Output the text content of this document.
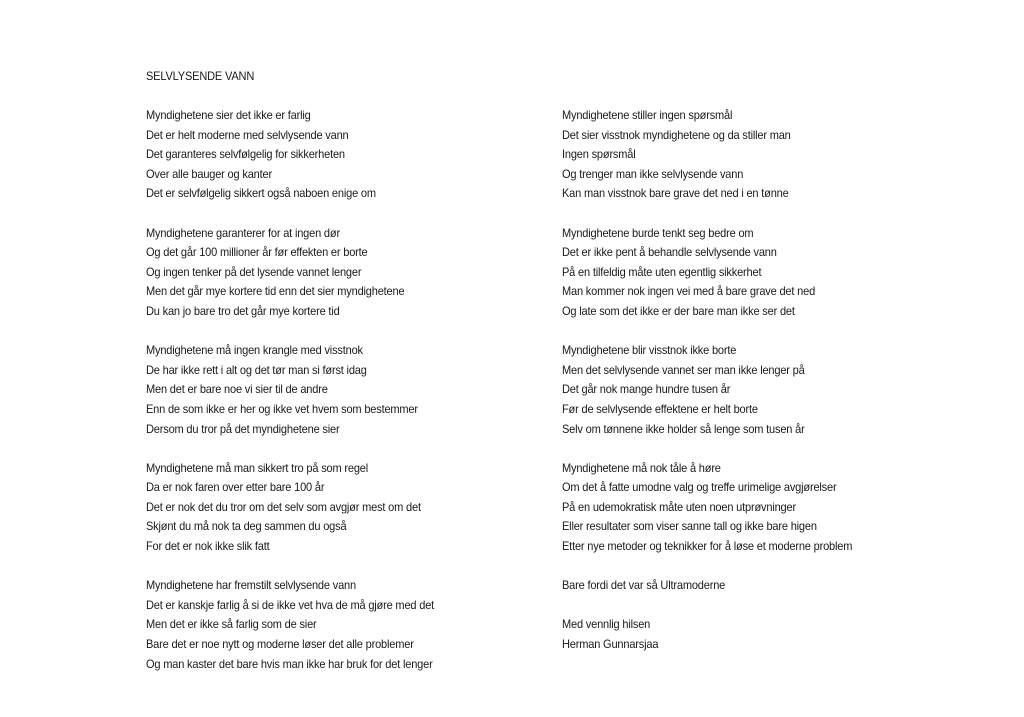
SELVLYSENDE VANN
Myndighetene sier det ikke er farlig
Det er helt moderne med selvlysende vann
Det garanteres selvfølgelig for sikkerheten
Over alle bauger og kanter
Det er selvfølgelig sikkert også naboen enige om
Myndighetene garanterer for at ingen dør
Og det går 100 millioner år før effekten er borte
Og ingen tenker på det lysende vannet lenger
Men det går mye kortere tid enn det sier myndighetene
Du kan jo bare tro det går mye kortere tid
Myndighetene må ingen krangle med visstnok
De har ikke rett i alt og det tør man si først idag
Men det er bare noe vi sier til de andre
Enn de som ikke er her og ikke vet hvem som bestemmer
Dersom du tror på det myndighetene sier
Myndighetene må man sikkert tro på som regel
Da er nok faren over etter bare 100 år
Det er nok det du tror om det selv som avgjør mest om det
Skjønt du må nok ta deg sammen du også
For det er nok ikke slik fatt
Myndighetene har fremstilt selvlysende vann
Det er kanskje farlig å si de ikke vet hva de må gjøre med det
Men det er ikke så farlig som de sier
Bare det er noe nytt og moderne løser det alle problemer
Og man kaster det bare hvis man ikke har bruk for det lenger
Myndighetene stiller ingen spørsmål
Det sier visstnok myndighetene og da stiller man
Ingen spørsmål
Og trenger man ikke selvlysende vann
Kan man visstnok bare grave det ned i en tønne
Myndighetene burde tenkt seg bedre om
Det er ikke pent å behandle selvlysende vann
På en tilfeldig måte uten egentlig sikkerhet
Man kommer nok ingen vei med å bare grave det ned
Og late som det ikke er der bare man ikke ser det
Myndighetene blir visstnok ikke borte
Men det selvlysende vannet ser man ikke lenger på
Det går nok mange hundre tusen år
Før de selvlysende effektene er helt borte
Selv om tønnene ikke holder så lenge som tusen år
Myndighetene må nok tåle å høre
Om det å fatte umodne valg og treffe urimelige avgjørelser
På en udemokratisk måte uten noen utprøvninger
Eller resultater som viser sanne tall og ikke bare higen
Etter nye metoder og teknikker for å løse et moderne problem
Bare fordi det var så Ultramoderne
Med vennlig hilsen
Herman Gunnarsjaa
